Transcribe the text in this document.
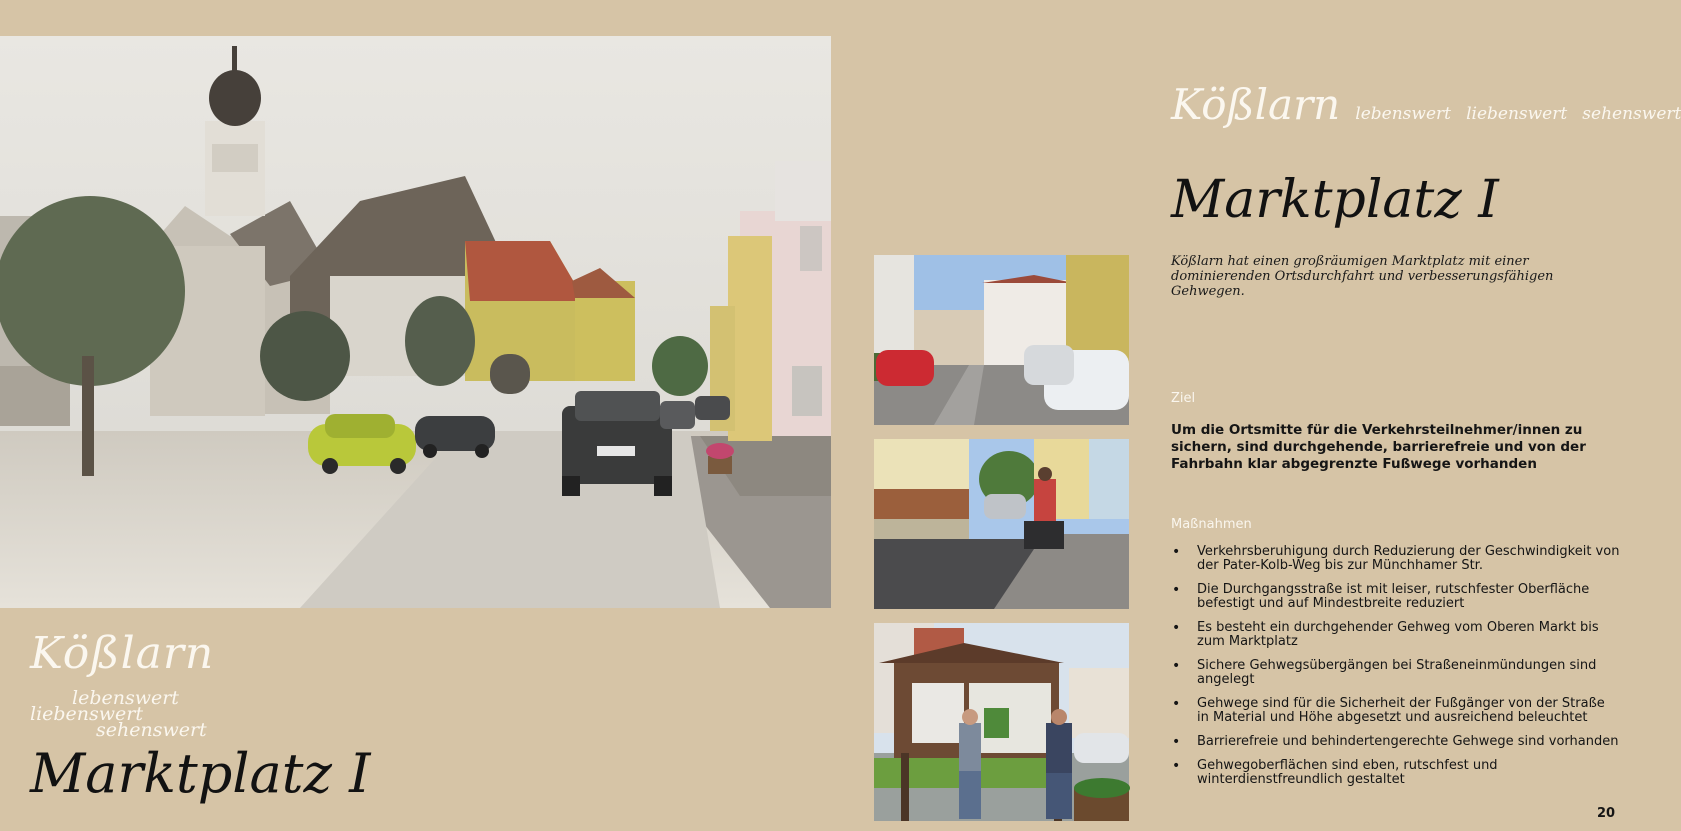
Kößlarn
lebenswert
liebenswert
sehenswert
Marktplatz I
Kößlarn lebenswert liebenswert sehenswert
Marktplatz I
Kößlarn hat einen großräumigen Marktplatz mit einer dominierenden Ortsdurchfahrt und verbesserungsfähigen Gehwegen.
Ziel
Um die Ortsmitte für die Verkehrsteilnehmer/innen zu sichern, sind durchgehende, barrierefreie und von der Fahrbahn klar abgegrenzte Fußwege vorhanden
Maßnahmen
• Verkehrsberuhigung durch Reduzierung der Geschwindigkeit von der Pater-Kolb-Weg bis zur Münchhamer Str.
• Die Durchgangsstraße ist mit leiser, rutschfester Oberfläche befestigt und auf Mindestbreite reduziert
• Es besteht ein durchgehender Gehweg vom Oberen Markt bis zum Marktplatz
• Sichere Gehwegsübergängen bei Straßeneinmündungen sind angelegt
• Gehwege sind für die Sicherheit der Fußgänger von der Straße in Material und Höhe abgesetzt und ausreichend beleuchtet
• Barrierefreie und behindertengerechte Gehwege sind vorhanden
• Gehwegoberflächen sind eben, rutschfest und winterdienstfreundlich gestaltet
20
